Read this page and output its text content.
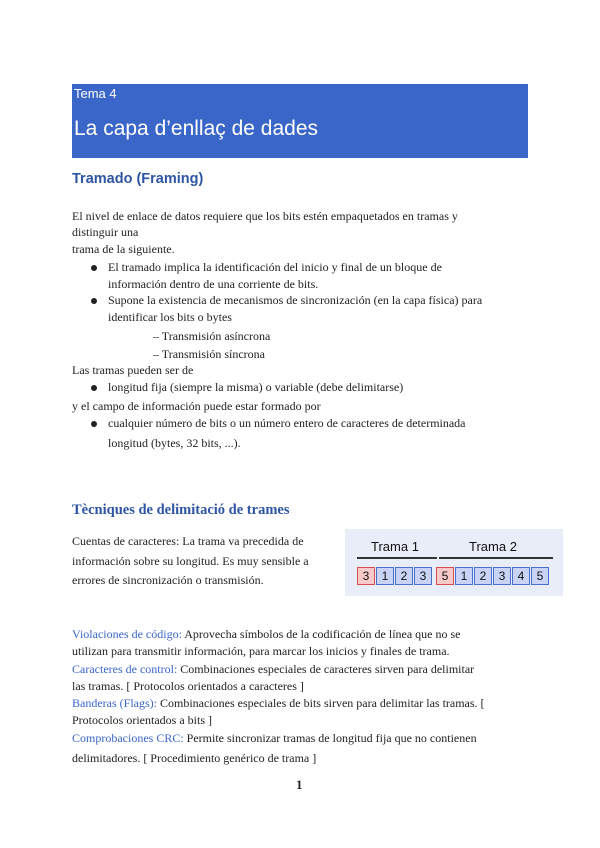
Tema 4
La capa d’enllaç de dades
Tramado (Framing)
El nivel de enlace de datos requiere que los bits estén empaquetados en tramas y
distinguir una
trama de la siguiente.
El tramado implica la identificación del inicio y final de un bloque de
información dentro de una corriente de bits.
Supone la existencia de mecanismos de sincronización (en la capa física) para
identificar los bits o bytes
– Transmisión asíncrona
– Transmisión síncrona
Las tramas pueden ser de
longitud fija (siempre la misma) o variable (debe delimitarse)
y el campo de información puede estar formado por
cualquier número de bits o un número entero de caracteres de determinada
longitud (bytes, 32 bits, ...).
Tècniques de delimitació de trames
Cuentas de caracteres: La trama va precedida de
información sobre su longitud. Es muy sensible a
errores de sincronización o transmisión.
Trama 1	Trama 2
3	1	2	3	5	1	2	3	4	5
Violaciones de código: Aprovecha símbolos de la codificación de línea que no se
utilizan para transmitir información, para marcar los inicios y finales de trama.
Caracteres de control: Combinaciones especiales de caracteres sirven para delimitar
las tramas. [ Protocolos orientados a caracteres ]
Banderas (Flags): Combinaciones especiales de bits sirven para delimitar las tramas. [
Protocolos orientados a bits ]
Comprobaciones CRC: Permite sincronizar tramas de longitud fija que no contienen
delimitadores. [ Procedimiento genérico de trama ]
1
